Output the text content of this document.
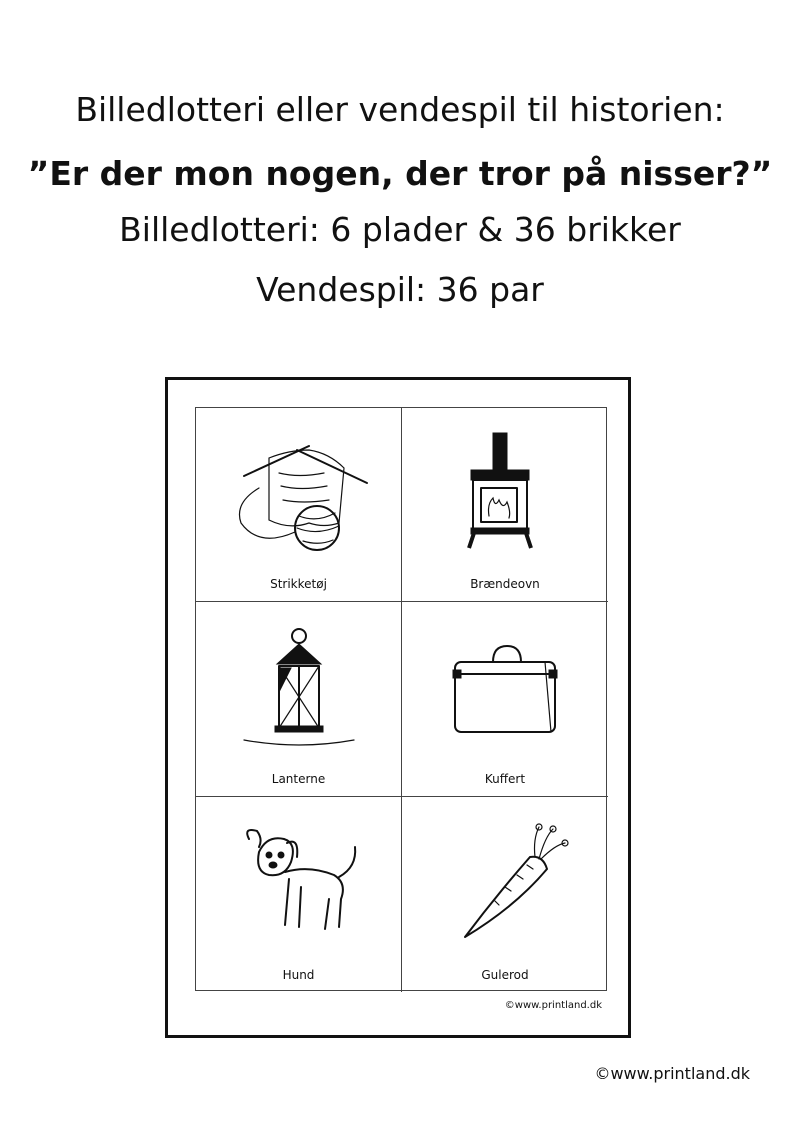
Billedlotteri eller vendespil til historien:
”Er der mon nogen, der tror på nisser?”
Billedlotteri: 6 plader & 36 brikker
Vendespil: 36 par
Strikketøj	Brændeovn
Lanterne	Kuffert
Hund	Gulerod
©www.printland.dk
©www.printland.dk
